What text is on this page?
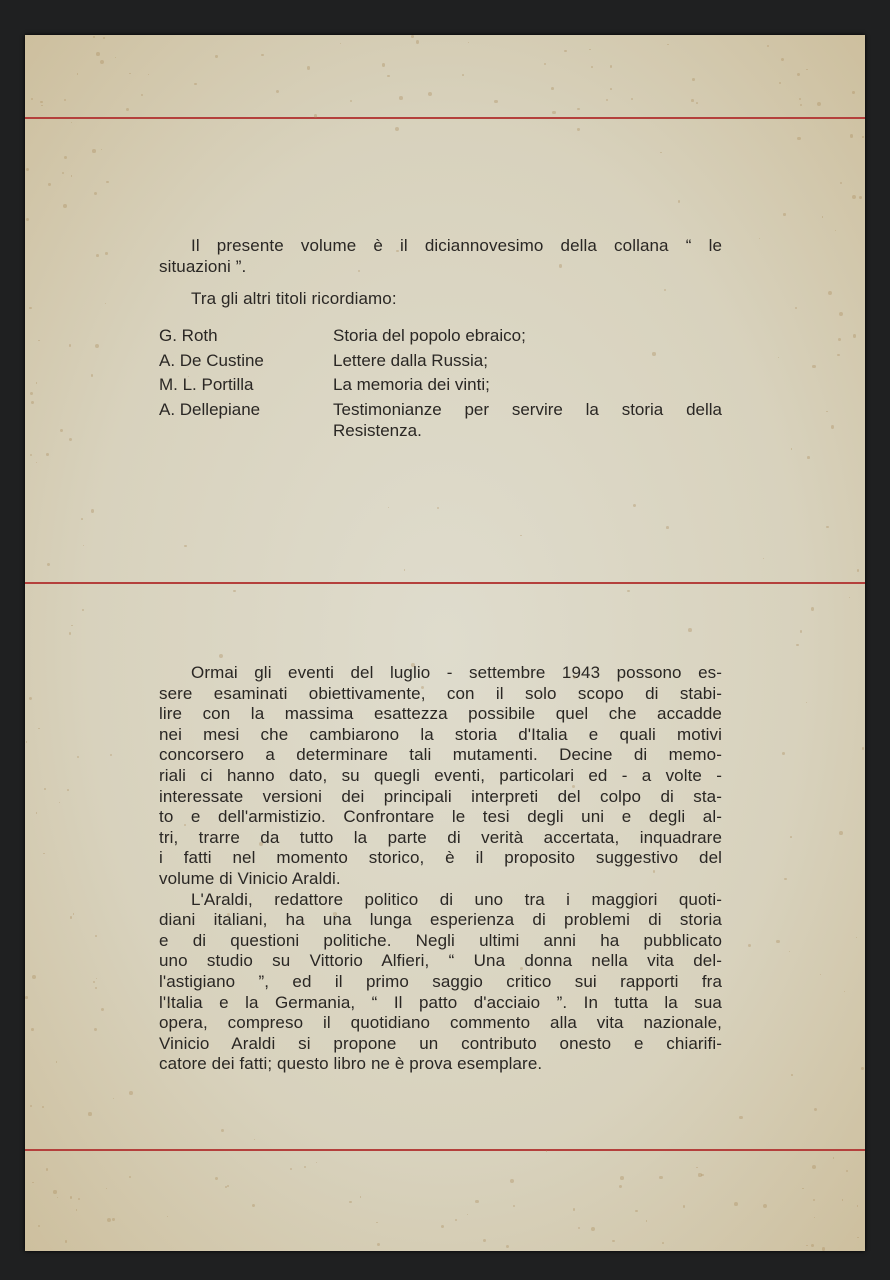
Il presente volume è il diciannovesimo della collana “ le
situazioni ”.
Tra gli altri titoli ricordiamo:
G. Roth	Storia del popolo ebraico;
A. De Custine	Lettere dalla Russia;
M. L. Portilla	La memoria dei vinti;
A. Dellepiane	Testimonianze per servire la storia della
Resistenza.
Ormai gli eventi del luglio - settembre 1943 possono es-
sere esaminati obiettivamente, con il solo scopo di stabi-
lire con la massima esattezza possibile quel che accadde
nei mesi che cambiarono la storia d'Italia e quali motivi
concorsero a determinare tali mutamenti. Decine di memo-
riali ci hanno dato, su quegli eventi, particolari ed - a volte -
interessate versioni dei principali interpreti del colpo di sta-
to e dell'armistizio. Confrontare le tesi degli uni e degli al-
tri, trarre da tutto la parte di verità accertata, inquadrare
i fatti nel momento storico, è il proposito suggestivo del
volume di Vinicio Araldi.
L'Araldi, redattore politico di uno tra i maggiori quoti-
diani italiani, ha una lunga esperienza di problemi di storia
e di questioni politiche. Negli ultimi anni ha pubblicato
uno studio su Vittorio Alfieri, “ Una donna nella vita del-
l'astigiano ”, ed il primo saggio critico sui rapporti fra
l'Italia e la Germania, “ Il patto d'acciaio ”. In tutta la sua
opera, compreso il quotidiano commento alla vita nazionale,
Vinicio Araldi si propone un contributo onesto e chiarifi-
catore dei fatti; questo libro ne è prova esemplare.
